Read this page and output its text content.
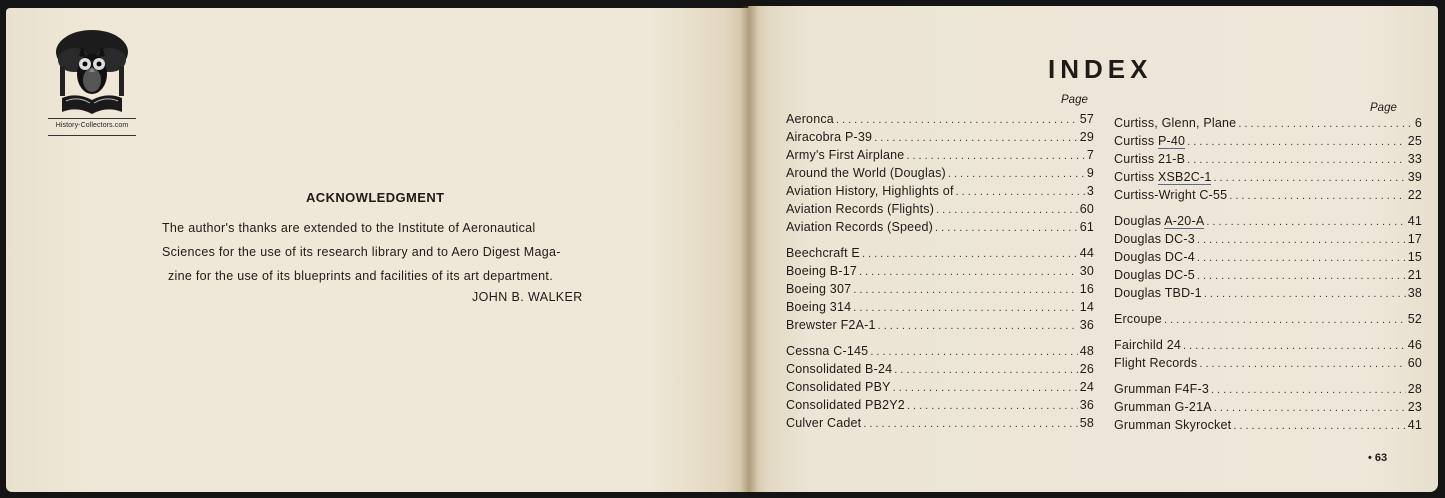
History-Collectors.com
ACKNOWLEDGMENT
The author's thanks are extended to the Institute of Aeronautical
Sciences for the use of its research library and to Aero Digest Maga-
zine for the use of its blueprints and facilities of its art department.
JOHN B. WALKER
INDEX
Page
Page
Aeronca .....	57
Airacobra P-39 .....	29
Army's First Airplane .....	7
Around the World (Douglas) .....	9
Aviation History, Highlights of .....	3
Aviation Records (Flights) .....	60
Aviation Records (Speed) .....	61
Beechcraft E .....	44
Boeing B-17 .....	30
Boeing 307 .....	16
Boeing 314 .....	14
Brewster F2A-1 .....	36
Cessna C-145 .....	48
Consolidated B-24 .....	26
Consolidated PBY .....	24
Consolidated PB2Y2 .....	36
Culver Cadet .....	58
Curtiss, Glenn, Plane .....	6
Curtiss P-40 .....	25
Curtiss 21-B .....	33
Curtiss XSB2C-1 .....	39
Curtiss-Wright C-55 .....	22
Douglas A-20-A .....	41
Douglas DC-3 .....	17
Douglas DC-4 .....	15
Douglas DC-5 .....	21
Douglas TBD-1 .....	38
Ercoupe .....	52
Fairchild 24 .....	46
Flight Records .....	60
Grumman F4F-3 .....	28
Grumman G-21A .....	23
Grumman Skyrocket .....	41
• 63
